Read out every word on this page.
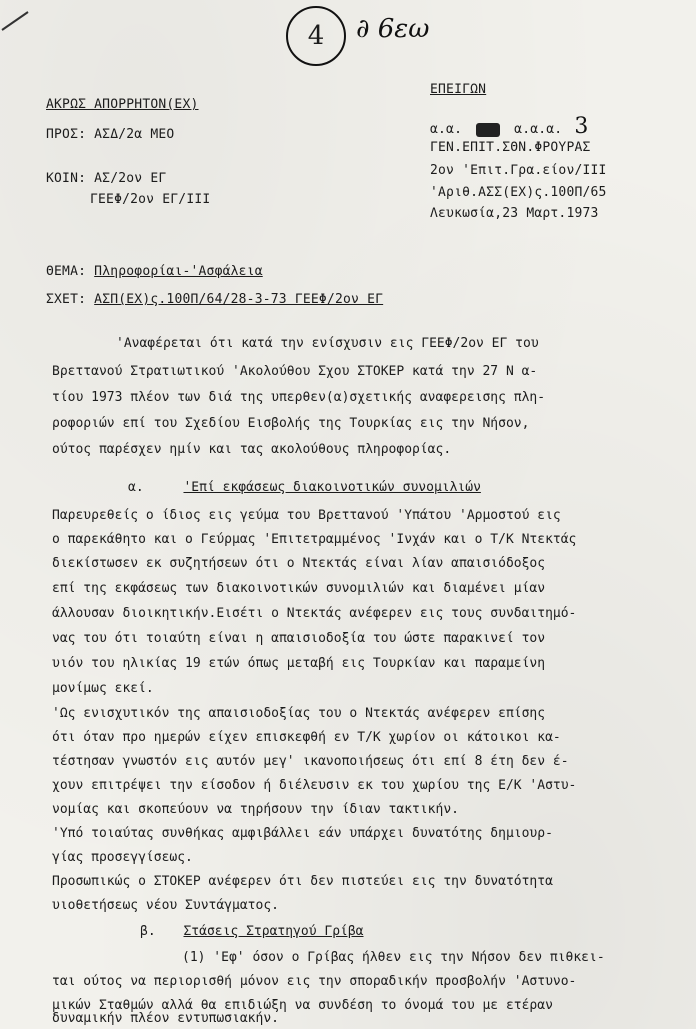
4 ∂ 6εω
ΑΚΡΩΣ ΑΠΟΡΡΗΤΟΝ(ΕΧ)
ΠΡΟΣ: ΑΣΔ/2α ΜΕΟ
ΚΟΙΝ: ΑΣ/2ον ΕΓ
ΓΕΕΦ/2ον ΕΓ/ΙΙΙ
ΕΠΕΙΓΩΝ
α.α.	α.α.α. 3
ΓΕΝ.ΕΠΙΤ.ΣΘΝ.ΦΡΟΥΡΑΣ
2ον 'Επιτ.Γρα.είον/ΙΙΙ
'Αριθ.ΑΣΣ(ΕΧ)ς.100Π/65
Λευκωσία,23 Μαρτ.1973
ΘΕΜΑ: Πληροφορίαι-'Ασφάλεια
ΣΧΕΤ: ΑΣΠ(ΕΧ)ς.100Π/64/28-3-73 ΓΕΕΦ/2ον ΕΓ

'Αναφέρεται ότι κατά την ενίσχυσιν εις ΓΕΕΦ/2ον ΕΓ του

Βρεττανού Στρατιωτικού 'Ακολούθου Σχου ΣΤΟΚΕΡ κατά την 27 Ν α-

τίου 1973 πλέον των διά της υπερθεν(α)σχετικής αναφερεισης πλη-

ροφοριών επί του Σχεδίου Εισβολής της Τουρκίας εις την Νήσον,

ούτος παρέσχεν ημίν και τας ακολούθους πληροφορίας.

α.	'Επί εκφάσεως διακοινοτικών συνομιλιών

Παρευρεθείς ο ίδιος εις γεύμα του Βρεττανού 'Υπάτου 'Αρμοστού εις

ο παρεκάθητο και ο Γεύρμας 'Επιτετραμμένος 'Ινχάν και ο Τ/Κ Ντεκτάς

διεκίστωσεν εκ συζητήσεων ότι ο Ντεκτάς είναι λίαν απαισιόδοξος

επί της εκφάσεως των διακοινοτικών συνομιλιών και διαμένει μίαν

άλλουσαν διοικητικήν.Εισέτι ο Ντεκτάς ανέφερεν εις τους συνδαιτημό-

νας του ότι τοιαύτη είναι η απαισιοδοξία του ώστε παρακινεί τον

υιόν του ηλικίας 19 ετών όπως μεταβή εις Τουρκίαν και παραμείνη

μονίμως εκεί.

'Ως ενισχυτικόν της απαισιοδοξίας του ο Ντεκτάς ανέφερεν επίσης

ότι όταν προ ημερών είχεν επισκεφθή εν Τ/Κ χωρίον οι κάτοικοι κα-

τέστησαν γνωστόν εις αυτόν μεγ' ικανοποιήσεως ότι επί 8 έτη δεν έ-

χουν επιτρέψει την είσοδον ή διέλευσιν εκ του χωρίου της Ε/Κ 'Αστυ-

νομίας και σκοπεύουν να τηρήσουν την ίδιαν τακτικήν.

'Υπό τοιαύτας συνθήκας αμφιβάλλει εάν υπάρχει δυνατότης δημιουρ-

γίας προσεγγίσεως.

Προσωπικώς ο ΣΤΟΚΕΡ ανέφερεν ότι δεν πιστεύει εις την δυνατότητα

υιοθετήσεως νέου Συντάγματος.

β. Στάσεις Στρατηγού Γρίβα

(1) 'Εφ' όσον ο Γρίβας ήλθεν εις την Νήσον δεν πιθκει-

ται ούτος να περιορισθή μόνον εις την σποραδικήν προσβολήν 'Αστυνο-

μικών Σταθμών αλλά θα επιδιώξη να συνδέση το όνομά του με ετέραν

δυναμικήν πλέον εντυπωσιακήν.
